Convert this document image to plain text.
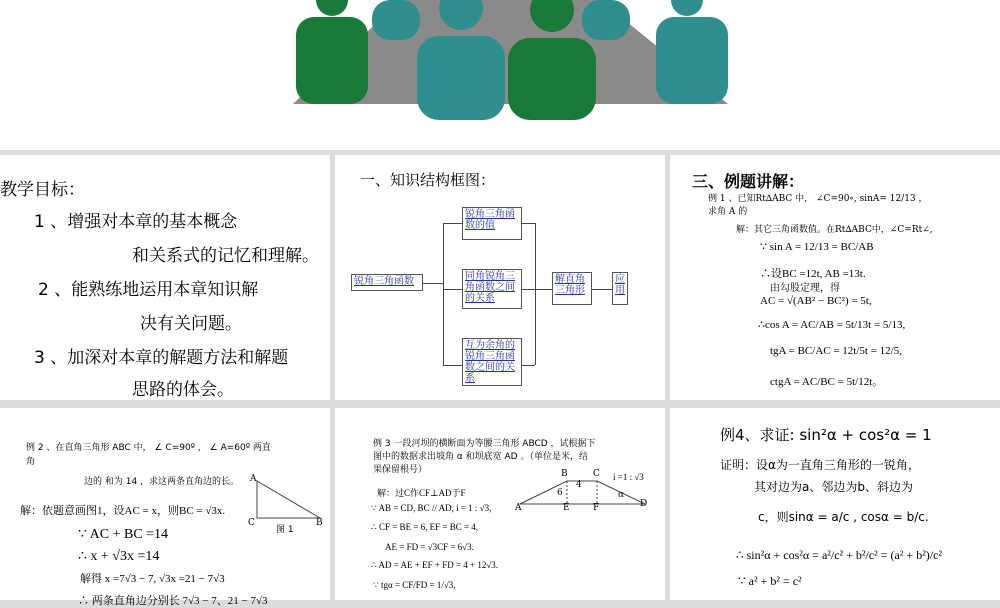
教学目标：
1 、增强对本章的基本概念
和关系式的记忆和理解。
2 、能熟练地运用本章知识解
决有关问题。
3 、加深对本章的解题方法和解题
思路的体会。
一、知识结构框图：
锐角三角函数
锐角三角函数的值
同角锐角三角函数之间的关系
互为余角的锐角三角函数之间的关系
解直角三角形
应用
三、例题讲解：
例 1 、已知Rt∆ABC 中， ∠C=90∘, sinA= 12/13 ，
求角 A 的
解：其它三角函数值。在Rt∆ABC中，∠C=Rt∠,
∵ sin A = 12/13 = BC/AB
∴设BC =12t, AB =13t.
由勾股定理，得
AC = √(AB² − BC²) = 5t,
∴cos A = AC/AB = 5t/13t = 5/13,
tgA = BC/AC = 12t/5t = 12/5,
ctgA = AC/BC = 5t/12t。
例 2 、在直角三角形 ABC 中， ∠ C=90º ， ∠ A=60º 两直
角
边的 和为 14 ，求这两条直角边的长。 A
C	B
图 1
解：依题意画图1，设AC = x，则BC = √3x.
∵ AC + BC =14
∴ x + √3x =14
解得 x =7√3 − 7, √3x =21 − 7√3
∴ 两条直角边分别长 7√3 − 7、21 − 7√3
例 3 一段河坝的横断面为等腰三角形 ABCD ，试根据下
图中的数据求出坡角 α 和坝底宽 AD 。（单位是米，结
果保留根号）	B	C
A	E	F	D
4
6	α
i =1 : √3
解：过C作CF⊥AD于F
∵ AB = CD, BC // AD, i = 1 : √3,
∴ CF = BE = 6, EF = BC = 4,
AE = FD = √3CF = 6√3.
∴ AD = AE + EF + FD = 4 + 12√3.
∵ tgα = CF/FD = 1/√3,
例4、求证: sin²α + cos²α = 1
证明：设α为一直角三角形的一锐角，
其对边为a、邻边为b、斜边为
c，则sinα = a/c , cosα = b/c.
∴ sin²α + cos²α = a²/c² + b²/c² = (a² + b²)/c²
∵ a² + b² = c²
